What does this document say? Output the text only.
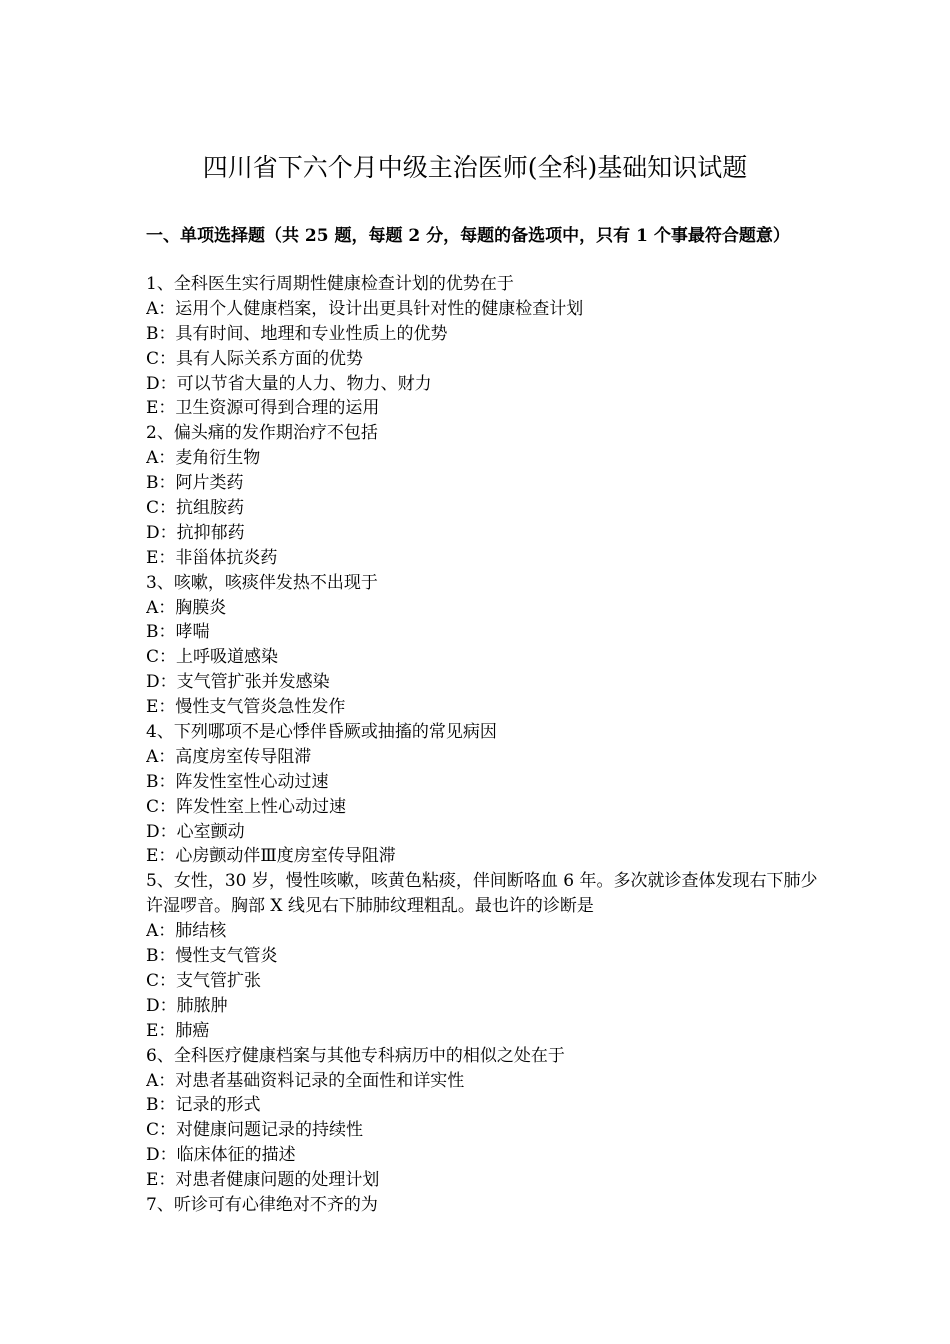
四川省下六个月中级主治医师(全科)基础知识试题

一、单项选择题（共 25 题，每题 2 分，每题的备选项中，只有 1 个事最符合题意）

1、全科医生实行周期性健康检查计划的优势在于
A：运用个人健康档案，设计出更具针对性的健康检查计划
B：具有时间、地理和专业性质上的优势
C：具有人际关系方面的优势
D：可以节省大量的人力、物力、财力
E：卫生资源可得到合理的运用
2、偏头痛的发作期治疗不包括
A：麦角衍生物
B：阿片类药
C：抗组胺药
D：抗抑郁药
E：非甾体抗炎药
3、咳嗽，咳痰伴发热不出现于
A：胸膜炎
B：哮喘
C：上呼吸道感染
D：支气管扩张并发感染
E：慢性支气管炎急性发作
4、下列哪项不是心悸伴昏厥或抽搐的常见病因
A：高度房室传导阻滞
B：阵发性室性心动过速
C：阵发性室上性心动过速
D：心室颤动
E：心房颤动伴Ⅲ度房室传导阻滞
5、女性，30 岁，慢性咳嗽，咳黄色粘痰，伴间断咯血 6 年。多次就诊查体发现右下肺少许湿啰音。胸部 X 线见右下肺肺纹理粗乱。最也许的诊断是
A：肺结核
B：慢性支气管炎
C：支气管扩张
D：肺脓肿
E：肺癌
6、全科医疗健康档案与其他专科病历中的相似之处在于
A：对患者基础资料记录的全面性和详实性
B：记录的形式
C：对健康问题记录的持续性
D：临床体征的描述
E：对患者健康问题的处理计划
7、听诊可有心律绝对不齐的为
